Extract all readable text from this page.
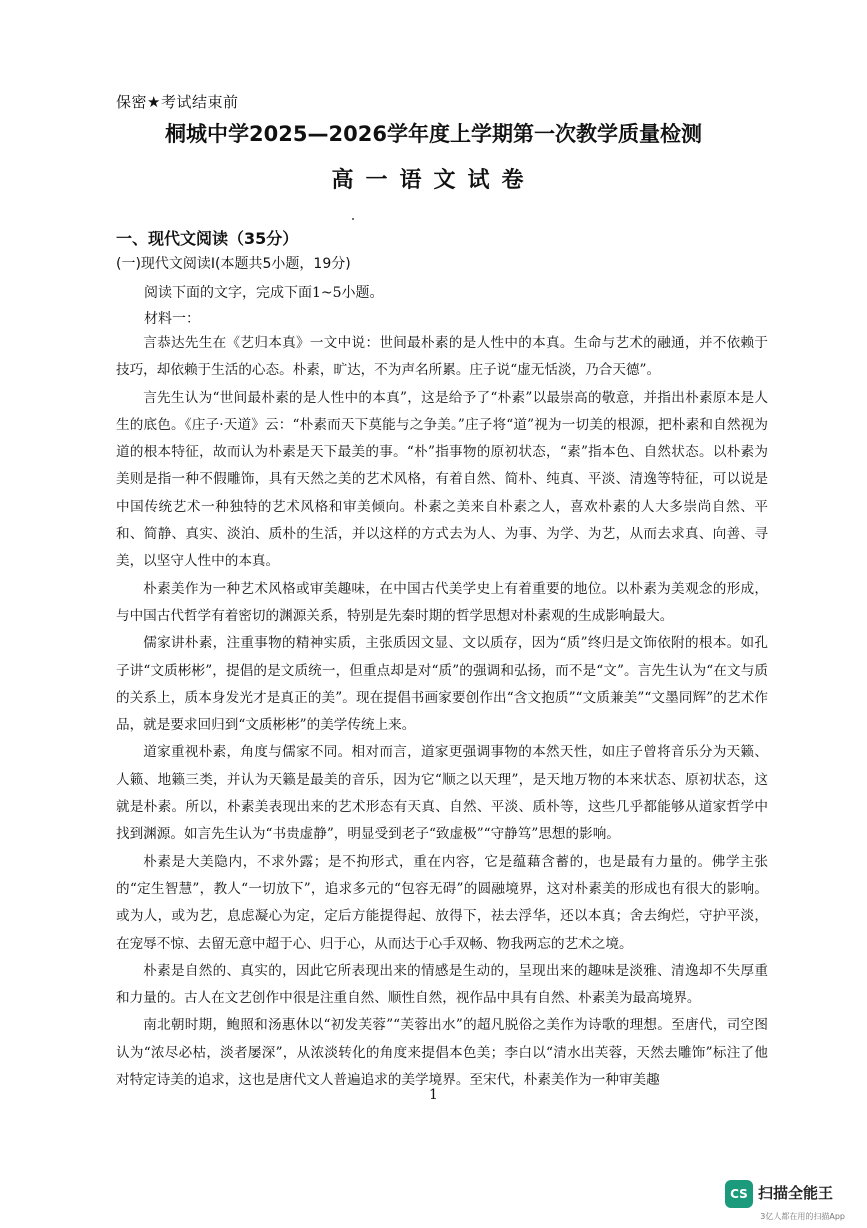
保密★考试结束前
桐城中学2025—2026学年度上学期第一次教学质量检测
高一语文试卷
一、现代文阅读（35分）
(一)现代文阅读Ⅰ(本题共5小题，19分)
阅读下面的文字，完成下面1~5小题。
材料一：

言恭达先生在《艺归本真》一文中说：世间最朴素的是人性中的本真。生命与艺术的融通，并不依赖于技巧，却依赖于生活的心态。朴素，旷达，不为声名所累。庄子说“虚无恬淡，乃合天德”。

言先生认为“世间最朴素的是人性中的本真”，这是给予了“朴素”以最崇高的敬意，并指出朴素原本是人生的底色。《庄子·天道》云：“朴素而天下莫能与之争美。”庄子将“道”视为一切美的根源，把朴素和自然视为道的根本特征，故而认为朴素是天下最美的事。“朴”指事物的原初状态，“素”指本色、自然状态。以朴素为美则是指一种不假雕饰，具有天然之美的艺术风格，有着自然、简朴、纯真、平淡、清逸等特征，可以说是中国传统艺术一种独特的艺术风格和审美倾向。朴素之美来自朴素之人，喜欢朴素的人大多崇尚自然、平和、简静、真实、淡泊、质朴的生活，并以这样的方式去为人、为事、为学、为艺，从而去求真、向善、寻美，以坚守人性中的本真。

朴素美作为一种艺术风格或审美趣味，在中国古代美学史上有着重要的地位。以朴素为美观念的形成，与中国古代哲学有着密切的渊源关系，特别是先秦时期的哲学思想对朴素观的生成影响最大。

儒家讲朴素，注重事物的精神实质，主张质因文显、文以质存，因为“质”终归是文饰依附的根本。如孔子讲“文质彬彬”，提倡的是文质统一，但重点却是对“质”的强调和弘扬，而不是“文”。言先生认为“在文与质的关系上，质本身发光才是真正的美”。现在提倡书画家要创作出“含文抱质”“文质兼美”“文墨同辉”的艺术作品，就是要求回归到“文质彬彬”的美学传统上来。

道家重视朴素，角度与儒家不同。相对而言，道家更强调事物的本然天性，如庄子曾将音乐分为天籁、人籁、地籁三类，并认为天籁是最美的音乐，因为它“顺之以天理”，是天地万物的本来状态、原初状态，这就是朴素。所以，朴素美表现出来的艺术形态有天真、自然、平淡、质朴等，这些几乎都能够从道家哲学中找到渊源。如言先生认为“书贵虚静”，明显受到老子“致虚极”“守静笃”思想的影响。

朴素是大美隐内，不求外露；是不拘形式，重在内容，它是蕴藉含蓄的，也是最有力量的。佛学主张的“定生智慧”，教人“一切放下”，追求多元的“包容无碍”的圆融境界，这对朴素美的形成也有很大的影响。或为人，或为艺，息虑凝心为定，定后方能提得起、放得下，祛去浮华，还以本真；舍去绚烂，守护平淡，在宠辱不惊、去留无意中超于心、归于心，从而达于心手双畅、物我两忘的艺术之境。

朴素是自然的、真实的，因此它所表现出来的情感是生动的，呈现出来的趣味是淡雅、清逸却不失厚重和力量的。古人在文艺创作中很是注重自然、顺性自然，视作品中具有自然、朴素美为最高境界。

南北朝时期，鲍照和汤惠休以“初发芙蓉”“芙蓉出水”的超凡脱俗之美作为诗歌的理想。至唐代，司空图认为“浓尽必枯，淡者屡深”，从浓淡转化的角度来提倡本色美；李白以“清水出芙蓉，天然去雕饰”标注了他对特定诗美的追求，这也是唐代文人普遍追求的美学境界。至宋代，朴素美作为一种审美趣

1
CS 扫描全能王
3亿人都在用的扫描App
